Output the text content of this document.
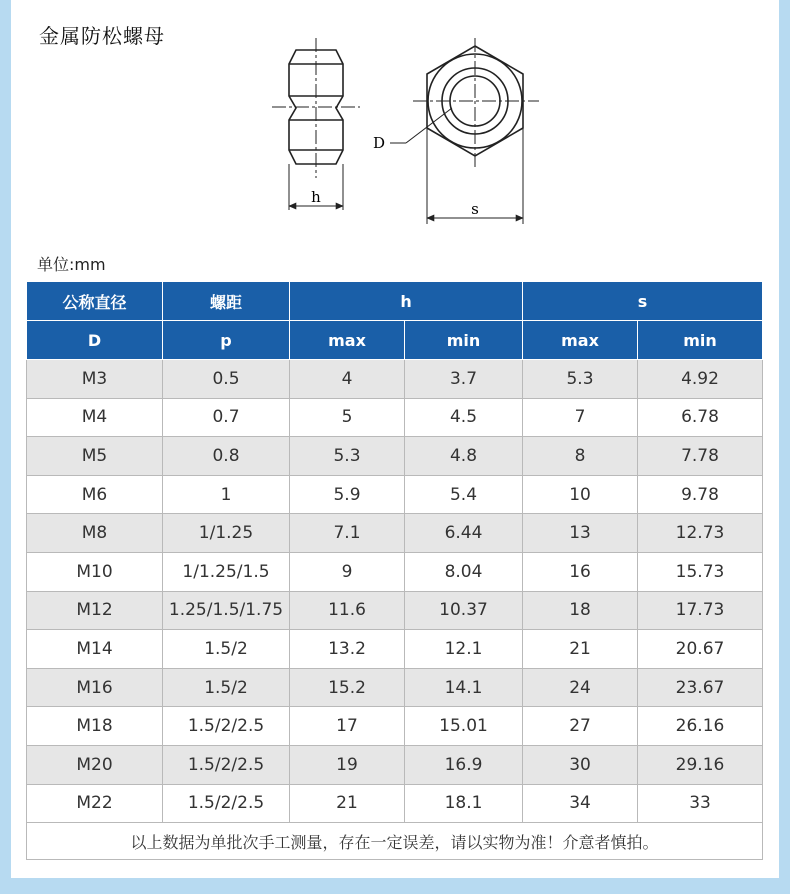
金属防松螺母
h
s
D
单位:mm
公称直径	螺距	h		s	
D	p	max	min	max	min
M3	0.5	4	3.7	5.3	4.92
M4	0.7	5	4.5	7	6.78
M5	0.8	5.3	4.8	8	7.78
M6	1	5.9	5.4	10	9.78
M8	1/1.25	7.1	6.44	13	12.73
M10	1/1.25/1.5	9	8.04	16	15.73
M12	1.25/1.5/1.75	11.6	10.37	18	17.73
M14	1.5/2	13.2	12.1	21	20.67
M16	1.5/2	15.2	14.1	24	23.67
M18	1.5/2/2.5	17	15.01	27	26.16
M20	1.5/2/2.5	19	16.9	30	29.16
M22	1.5/2/2.5	21	18.1	34	33
以上数据为单批次手工测量，存在一定误差，请以实物为准！介意者慎拍。					
